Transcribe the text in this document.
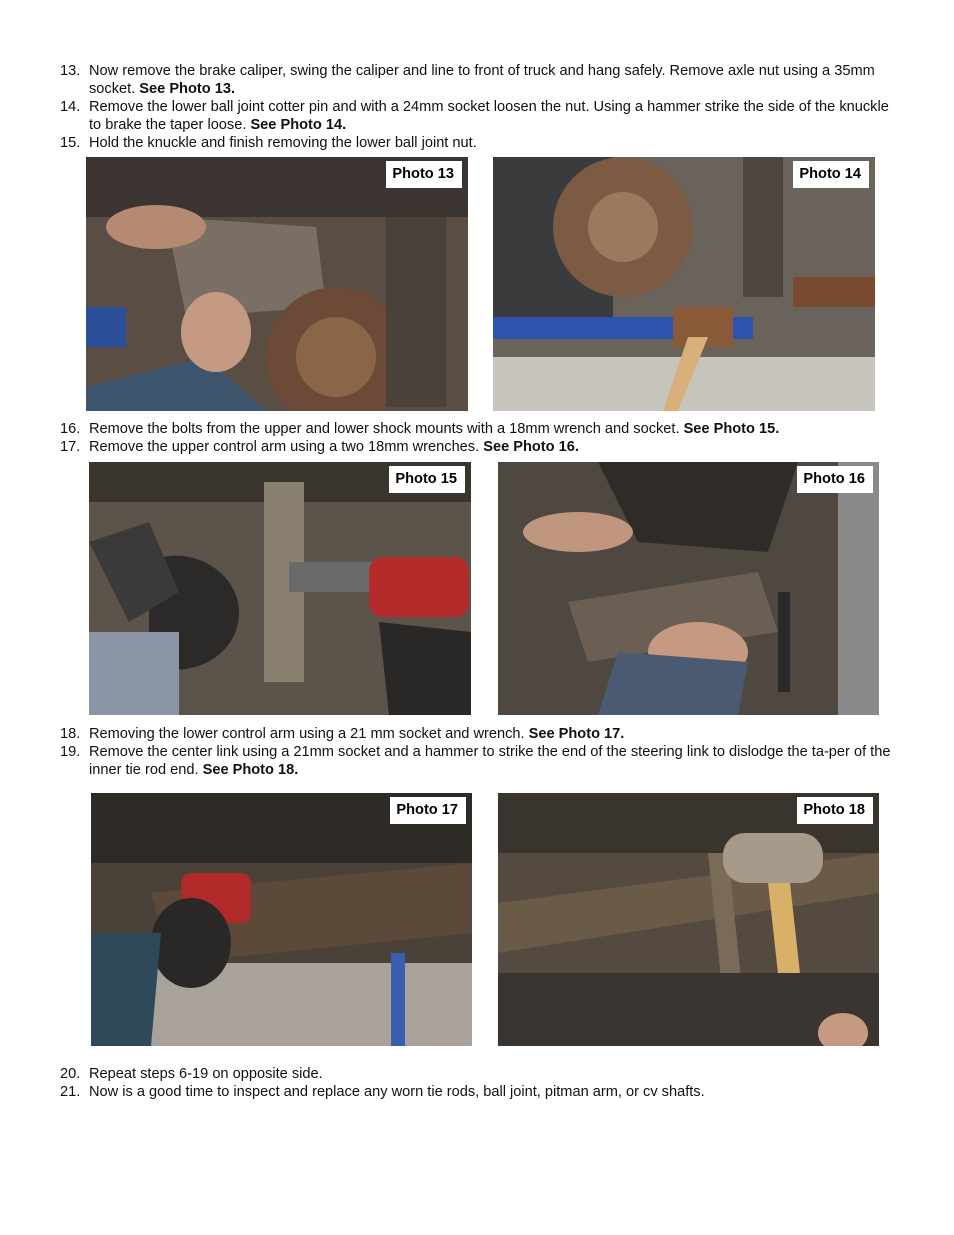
13. Now remove the brake caliper, swing the caliper and line to front of truck and hang safely. Remove axle nut using a 35mm socket. See Photo 13.
14. Remove the lower ball joint cotter pin and with a 24mm socket loosen the nut. Using a hammer strike the side of the knuckle to brake the taper loose. See Photo 14.
15. Hold the knuckle and finish removing the lower ball joint nut.
Photo 13	Photo 14
16. Remove the bolts from the upper and lower shock mounts with a 18mm wrench and socket. See Photo 15.
17. Remove the upper control arm using a two 18mm wrenches. See Photo 16.
Photo 15	Photo 16
18. Removing the lower control arm using a 21 mm socket and wrench. See Photo 17.
19. Remove the center link using a 21mm socket and a hammer to strike the end of the steering link to dislodge the ta-per of the inner tie rod end. See Photo 18.
Photo 17	Photo 18
20. Repeat steps 6-19 on opposite side.
21. Now is a good time to inspect and replace any worn tie rods, ball joint, pitman arm, or cv shafts.
